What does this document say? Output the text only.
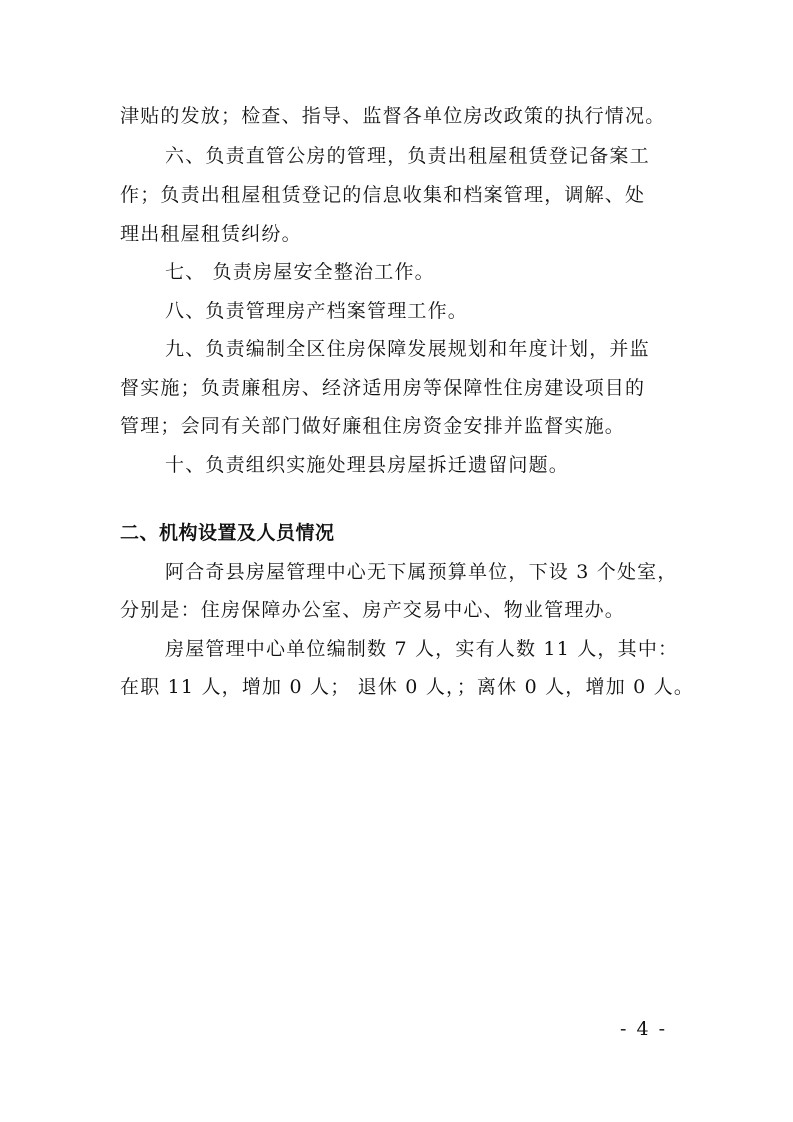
津贴的发放；检查、指导、监督各单位房改政策的执行情况。
六、负责直管公房的管理，负责出租屋租赁登记备案工
作；负责出租屋租赁登记的信息收集和档案管理，调解、处
理出租屋租赁纠纷。
七、 负责房屋安全整治工作。
八、负责管理房产档案管理工作。
九、负责编制全区住房保障发展规划和年度计划，并监
督实施；负责廉租房、经济适用房等保障性住房建设项目的
管理；会同有关部门做好廉租住房资金安排并监督实施。
十、负责组织实施处理县房屋拆迁遗留问题。
二、机构设置及人员情况
阿合奇县房屋管理中心无下属预算单位，下设 3 个处室，
分别是：住房保障办公室、房产交易中心、物业管理办。
房屋管理中心单位编制数 7 人，实有人数 11 人，其中：
在职 11 人，增加 0 人； 退休 0 人，；离休 0 人，增加 0 人。
- 4 -
